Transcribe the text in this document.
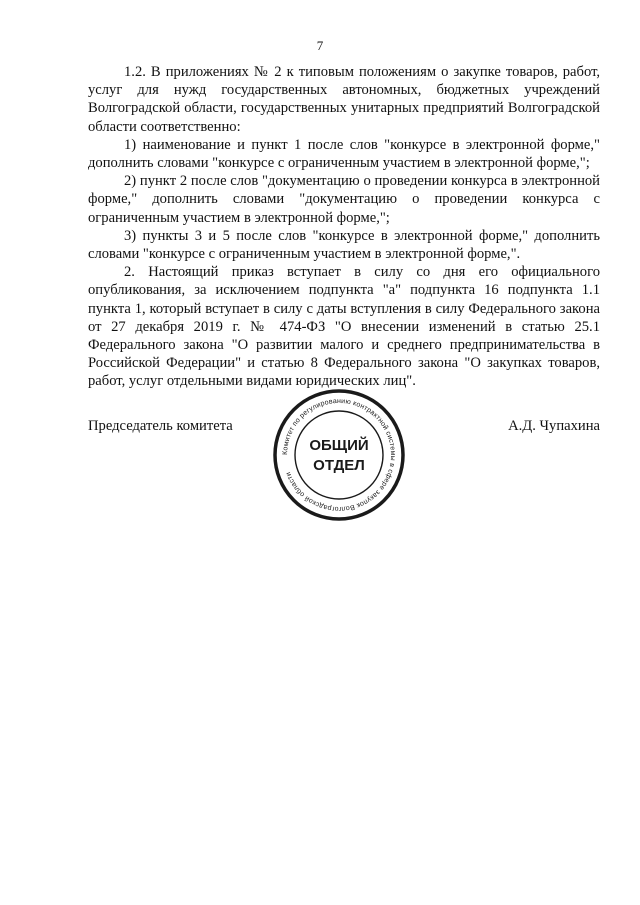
7

1.2. В приложениях № 2 к типовым положениям о закупке товаров, работ, услуг для нужд государственных автономных, бюджетных учреждений Волгоградской области, государственных унитарных предприятий Волгоградской области соответственно:

1) наименование и пункт 1 после слов "конкурсе в электронной форме," дополнить словами "конкурсе с ограниченным участием в электронной форме,";

2) пункт 2 после слов "документацию о проведении конкурса в электронной форме," дополнить словами "документацию о проведении конкурса с ограниченным участием в электронной форме,";

3) пункты 3 и 5 после слов "конкурсе в электронной форме," дополнить словами "конкурсе с ограниченным участием в электронной форме,".

2. Настоящий приказ вступает в силу со дня его официального опубликования, за исключением подпункта "а" подпункта 16 подпункта 1.1 пункта 1, который вступает в силу с даты вступления в силу Федерального закона от 27 декабря 2019 г. № 474-ФЗ "О внесении изменений в статью 25.1 Федерального закона "О развитии малого и среднего предпринимательства в Российской Федерации" и статью 8 Федерального закона "О закупках товаров, работ, услуг отдельными видами юридических лиц".

Председатель комитета	А.Д. Чупахина
Комитет по регулированию контрактной системы в сфере закупок Волгоградской области
ОБЩИЙ
ОТДЕЛ
